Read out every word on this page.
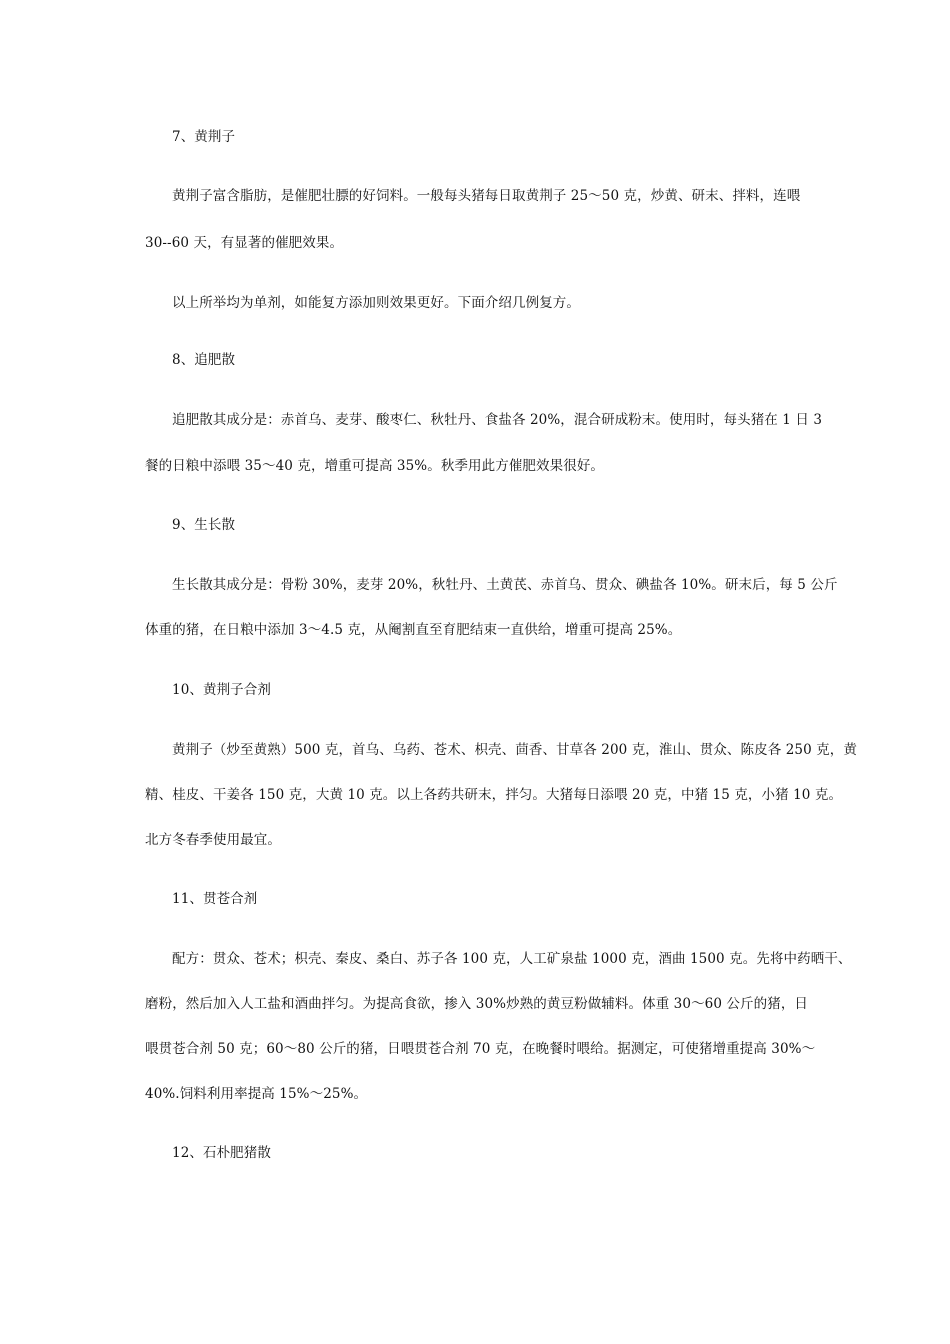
7、黄荆子
黄荆子富含脂肪，是催肥壮膘的好饲料。一般每头猪每日取黄荆子 25～50 克，炒黄、研末、拌料，连喂
30--60 天，有显著的催肥效果。
以上所举均为单剂，如能复方添加则效果更好。下面介绍几例复方。
8、追肥散
追肥散其成分是：赤首乌、麦芽、酸枣仁、秋牡丹、食盐各 20%，混合研成粉末。使用时，每头猪在 1 日 3
餐的日粮中添喂 35～40 克，增重可提高 35%。秋季用此方催肥效果很好。
9、生长散
生长散其成分是：骨粉 30%，麦芽 20%，秋牡丹、土黄芪、赤首乌、贯众、碘盐各 10%。研末后，每 5 公斤
体重的猪，在日粮中添加 3～4.5 克，从阉割直至育肥结束一直供给，增重可提高 25%。
10、黄荆子合剂
黄荆子（炒至黄熟）500 克，首乌、乌药、苍术、枳壳、茴香、甘草各 200 克，淮山、贯众、陈皮各 250 克，黄
精、桂皮、干姜各 150 克，大黄 10 克。以上各药共研末，拌匀。大猪每日添喂 20 克，中猪 15 克，小猪 10 克。
北方冬春季使用最宜。
11、贯苍合剂
配方：贯众、苍术；枳壳、秦皮、桑白、苏子各 100 克，人工矿泉盐 1000 克，酒曲 1500 克。先将中药晒干、
磨粉，然后加入人工盐和酒曲拌匀。为提高食欲，掺入 30%炒熟的黄豆粉做辅料。体重 30～60 公斤的猪，日
喂贯苍合剂 50 克；60～80 公斤的猪，日喂贯苍合剂 70 克，在晚餐时喂给。据测定，可使猪增重提高 30%～
40%.饲料利用率提高 15%～25%。
12、石朴肥猪散
